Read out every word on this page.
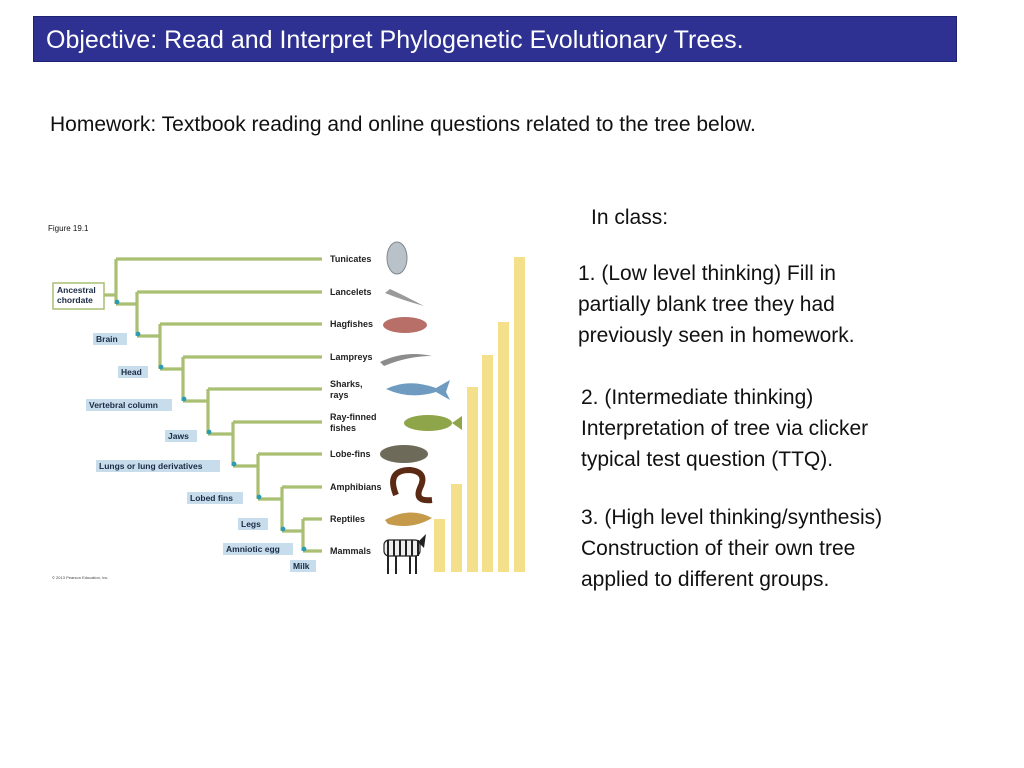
Objective: Read and Interpret Phylogenetic Evolutionary Trees.
Homework: Textbook reading and online questions related to the tree below.
In class:
1. (Low level thinking) Fill in
partially blank tree they had
previously seen in homework.
2. (Intermediate thinking)
Interpretation of tree via clicker
typical test question (TTQ).
3. (High level thinking/synthesis)
Construction of their own tree
applied to different groups.
Figure 19.1
© 2013 Pearson Education, Inc.
Ancestral chordate
Brain
Head
Vertebral column
Jaws
Lungs or lung derivatives
Lobed fins
Legs
Amniotic egg
Milk
Tunicates
Lancelets
Hagfishes
Lampreys
Sharks, rays
Ray-finned fishes
Lobe-fins
Amphibians
Reptiles
Mammals
